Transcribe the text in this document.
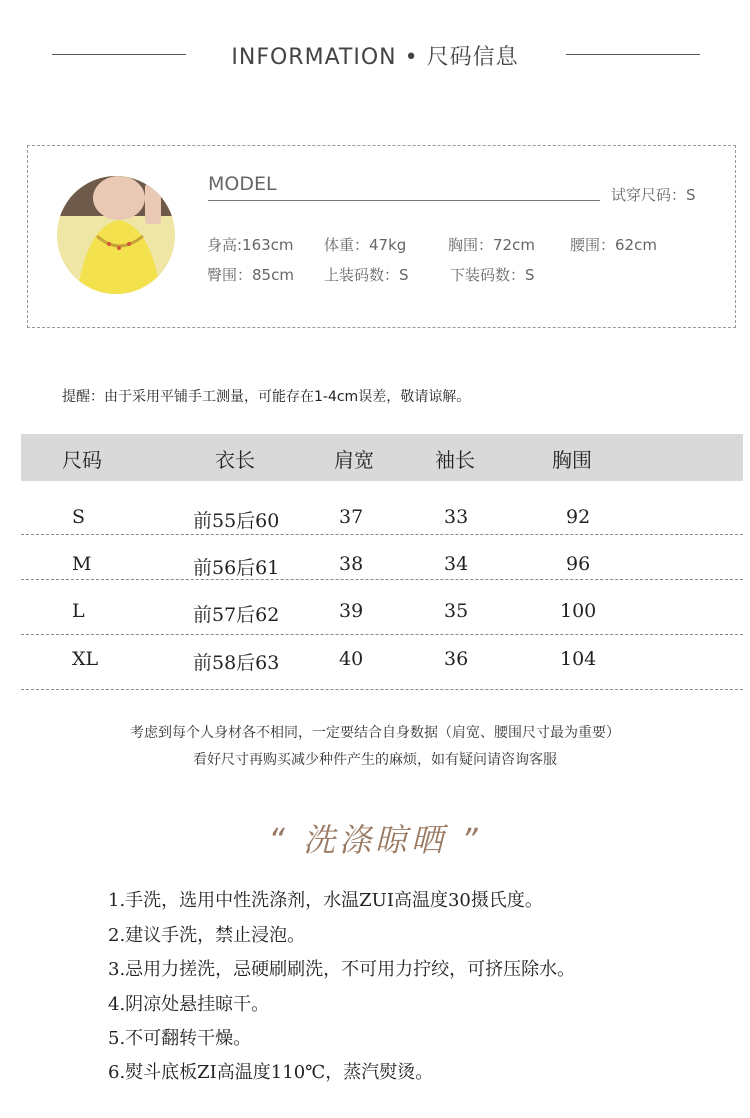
INFORMATION • 尺码信息
MODEL	试穿尺码：S
身高:163cm 体重：47kg	胸围：72cm 腰围：62cm
臀围：85cm 上装码数：S	下装码数：S
提醒：由于采用平铺手工测量，可能存在1-4cm误差，敬请谅解。
尺码	衣长	肩宽	袖长	胸围
S	前55后60	37	33	92
M	前56后61	38	34	96
L	前57后62	39	35	100
XL	前58后63	40	36	104
考虑到每个人身材各不相同，一定要结合自身数据（肩宽、腰围尺寸最为重要）
看好尺寸再购买减少种件产生的麻烦，如有疑问请咨询客服
“ 洗涤晾晒 ”
1.手洗，选用中性洗涤剂，水温ZUI高温度30摄氏度。
2.建议手洗，禁止浸泡。
3.忌用力搓洗，忌硬刷刷洗，不可用力拧绞，可挤压除水。
4.阴凉处悬挂晾干。
5.不可翻转干燥。
6.熨斗底板ZI高温度110℃，蒸汽熨烫。
